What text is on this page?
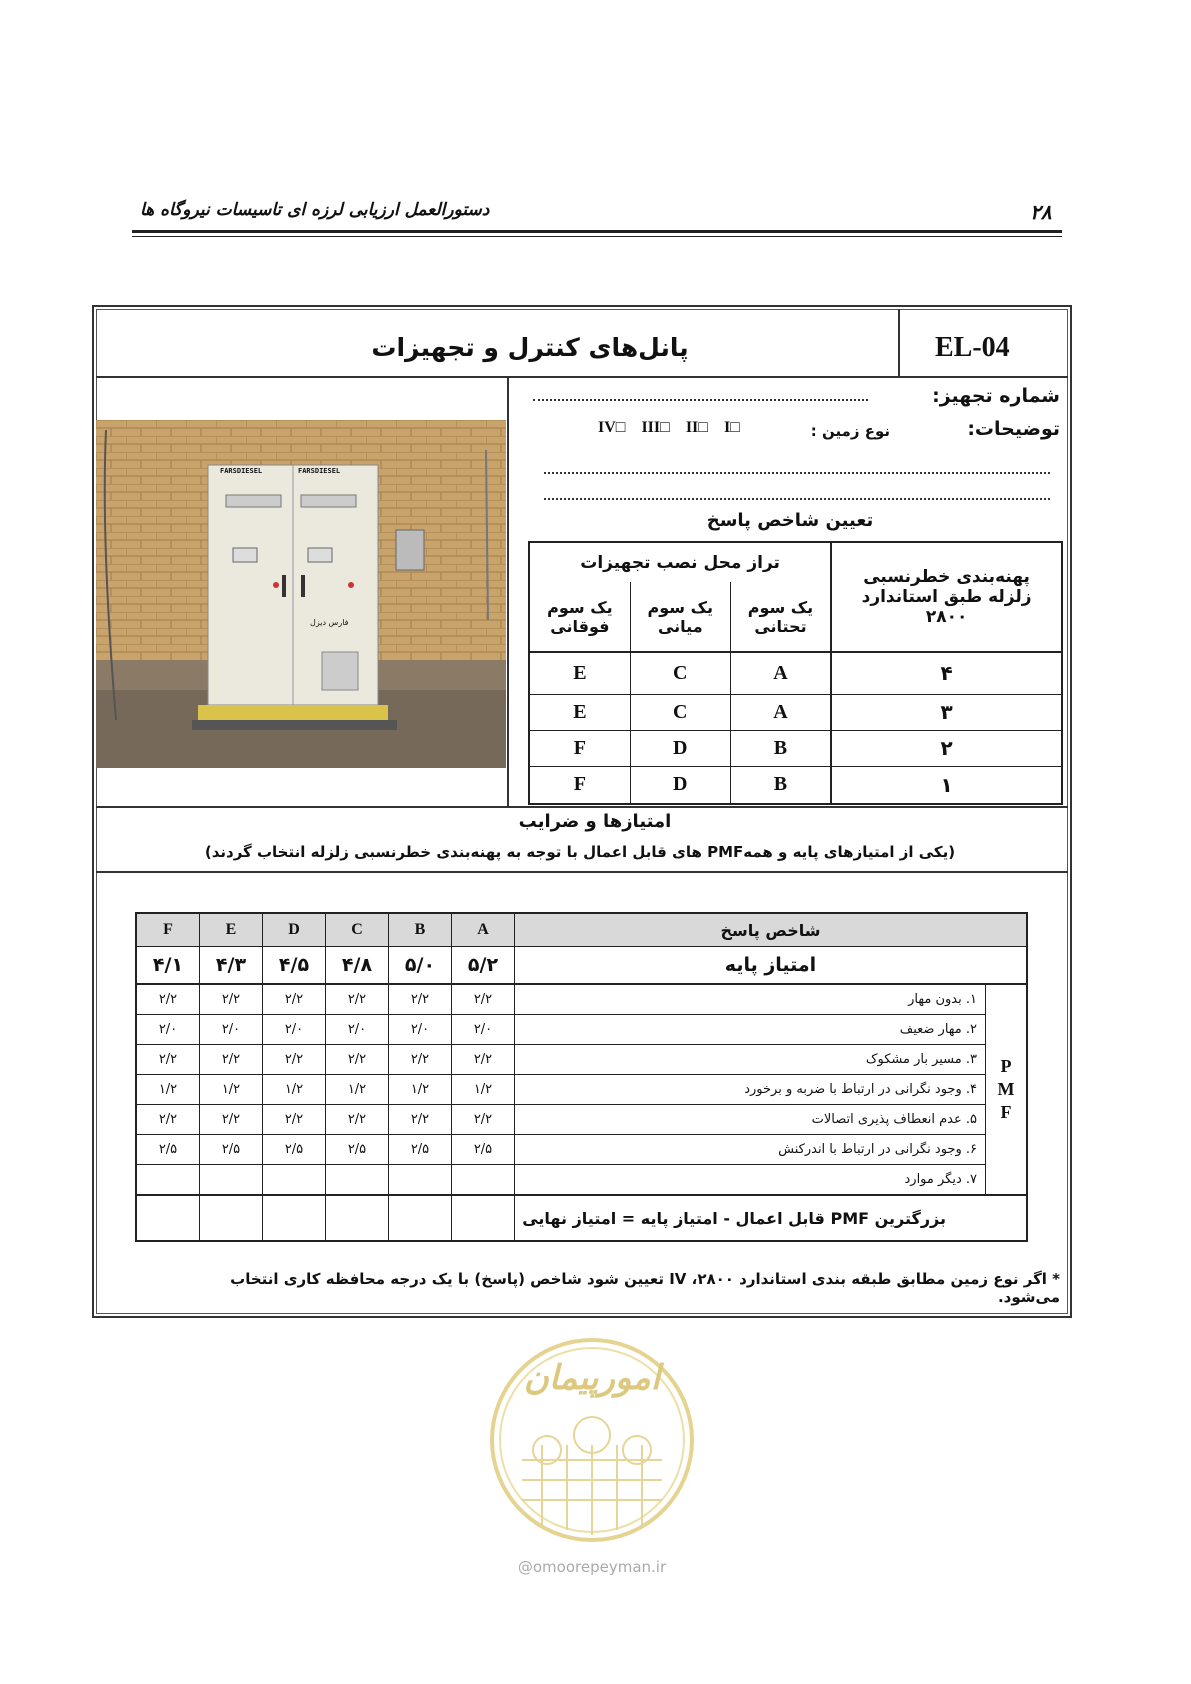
۲۸
دستورالعمل ارزیابی لرزه ای تاسیسات نیروگاه ها
EL-04
پانل‌های کنترل و تجهیزات
FARSDIESEL	FARSDIESEL
فارس دیزل
شماره تجهیز:
توضیحات:
IV□ III□ II□ I□	نوع زمین :
تعیین شاخص پاسخ
تراز محل نصب تجهیزات			پهنه‌بندی خطرنسبی زلزله طبق استاندارد ۲۸۰۰
یک سوم فوقانی	یک سوم میانی	یک سوم تحتانی	
E	C	A	۴
E	C	A	۳
F	D	B	۲
F	D	B	۱
امتیازها و ضرایب
(یکی از امتیازهای پایه و همهPMF های قابل اعمال با توجه به پهنه‌بندی خطرنسبی زلزله انتخاب گردند)
F	E	D	C	B	A	شاخص پاسخ	
۴/۱	۴/۳	۴/۵	۴/۸	۵/۰	۵/۲	امتیاز پایه	
۲/۲	۲/۲	۲/۲	۲/۲	۲/۲	۲/۲	۱. بدون مهار	P
M
F
۲/۰	۲/۰	۲/۰	۲/۰	۲/۰	۲/۰	۲. مهار ضعیف	
۲/۲	۲/۲	۲/۲	۲/۲	۲/۲	۲/۲	۳. مسیر بار مشکوک	
۱/۲	۱/۲	۱/۲	۱/۲	۱/۲	۱/۲	۴. وجود نگرانی در ارتباط با ضربه و برخورد	
۲/۲	۲/۲	۲/۲	۲/۲	۲/۲	۲/۲	۵. عدم انعطاف پذیری اتصالات	
۲/۵	۲/۵	۲/۵	۲/۵	۲/۵	۲/۵	۶. وجود نگرانی در ارتباط با اندرکنش	
						۷. دیگر موارد	
						بزرگترین PMF قابل اعمال - امتیاز پایه = امتیاز نهایی	
* اگر نوع زمین مطابق طبقه بندی استاندارد ۲۸۰۰، IV تعیین شود شاخص (پاسخ) با یک درجه محافظه کاری انتخاب می‌شود.
امورپیمان
@omoorepeyman.ir
